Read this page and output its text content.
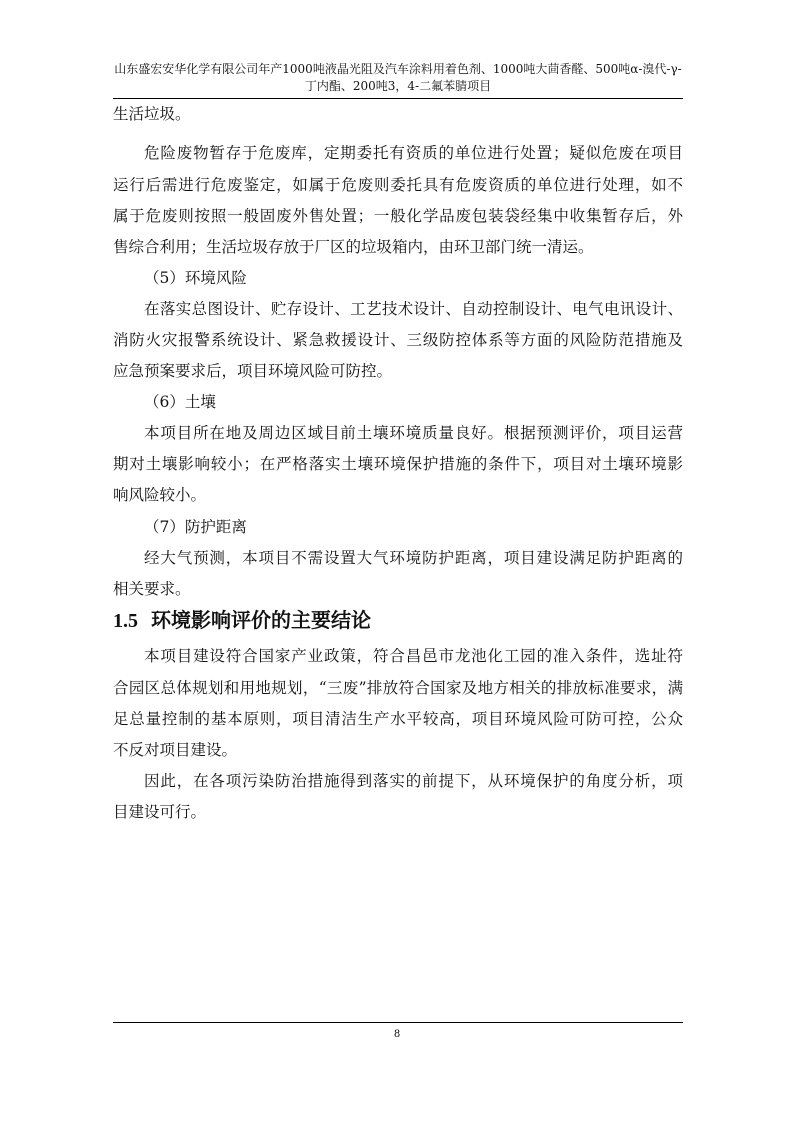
山东盛宏安华化学有限公司年产1000吨液晶光阻及汽车涂料用着色剂、1000吨大茴香醛、500吨α-溴代-γ-
丁内酯、200吨3，4-二氟苯腈项目
生活垃圾。
危险废物暂存于危废库，定期委托有资质的单位进行处置；疑似危废在项目
运行后需进行危废鉴定，如属于危废则委托具有危废资质的单位进行处理，如不
属于危废则按照一般固废外售处置；一般化学品废包装袋经集中收集暂存后，外
售综合利用；生活垃圾存放于厂区的垃圾箱内，由环卫部门统一清运。
（5）环境风险
在落实总图设计、贮存设计、工艺技术设计、自动控制设计、电气电讯设计、
消防火灾报警系统设计、紧急救援设计、三级防控体系等方面的风险防范措施及
应急预案要求后，项目环境风险可防控。
（6）土壤
本项目所在地及周边区域目前土壤环境质量良好。根据预测评价，项目运营
期对土壤影响较小；在严格落实土壤环境保护措施的条件下，项目对土壤环境影
响风险较小。
（7）防护距离
经大气预测，本项目不需设置大气环境防护距离，项目建设满足防护距离的
相关要求。
1.5 环境影响评价的主要结论
本项目建设符合国家产业政策，符合昌邑市龙池化工园的准入条件，选址符
合园区总体规划和用地规划，“三废”排放符合国家及地方相关的排放标准要求，满
足总量控制的基本原则，项目清洁生产水平较高，项目环境风险可防可控，公众
不反对项目建设。
因此，在各项污染防治措施得到落实的前提下，从环境保护的角度分析，项
目建设可行。
8
